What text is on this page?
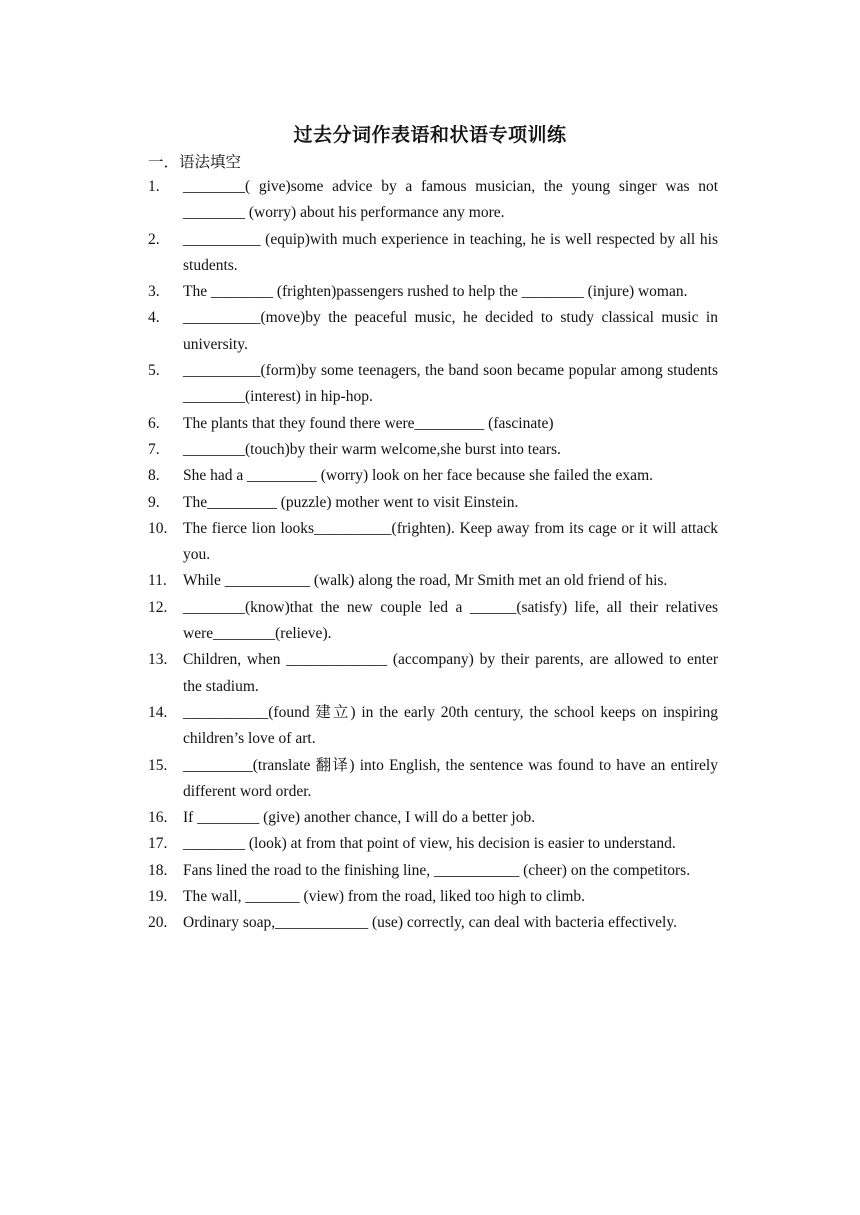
过去分词作表语和状语专项训练
一．语法填空
1. ________( give)some advice by a famous musician, the young singer was not ________ (worry) about his performance any more.
2. __________ (equip)with much experience in teaching, he is well respected by all his students.
3. The ________ (frighten)passengers rushed to help the ________ (injure) woman.
4. __________(move)by the peaceful music, he decided to study classical music in university.
5. __________(form)by some teenagers, the band soon became popular among students ________(interest) in hip-hop.
6. The plants that they found there were_________ (fascinate)
7. ________(touch)by their warm welcome,she burst into tears.
8. She had a _________ (worry) look on her face because she failed the exam.
9. The_________ (puzzle) mother went to visit Einstein.
10. The fierce lion looks__________(frighten). Keep away from its cage or it will attack you.
11. While ___________ (walk) along the road, Mr Smith met an old friend of his.
12. ________(know)that the new couple led a ______(satisfy) life, all their relatives were________(relieve).
13. Children, when _____________ (accompany) by their parents, are allowed to enter the stadium.
14. ___________(found 建立) in the early 20th century, the school keeps on inspiring children’s love of art.
15. _________(translate 翻译) into English, the sentence was found to have an entirely different word order.
16. If ________ (give) another chance, I will do a better job.
17. ________ (look) at from that point of view, his decision is easier to understand.
18. Fans lined the road to the finishing line, ___________ (cheer) on the competitors.
19. The wall, _______ (view) from the road, liked too high to climb.
20. Ordinary soap,____________ (use) correctly, can deal with bacteria effectively.
